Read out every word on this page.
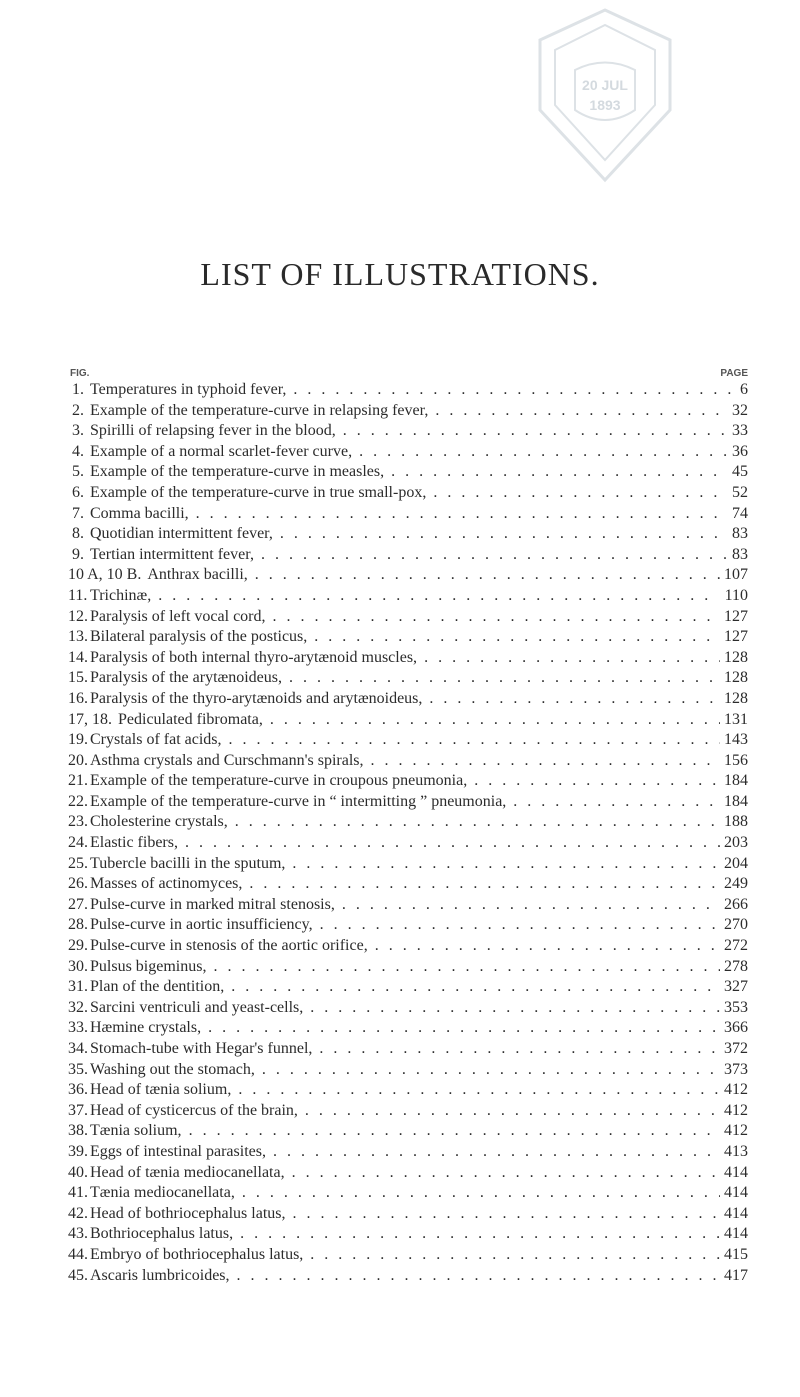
20 JUL
1893
LIST OF ILLUSTRATIONS.
FIG.	PAGE
1. Temperatures in typhoid fever, . .	6
2. Example of the temperature-curve in relapsing fever, . .	32
3. Spirilli of relapsing fever in the blood, . .	33
4. Example of a normal scarlet-fever curve, . .	36
5. Example of the temperature-curve in measles, . .	45
6. Example of the temperature-curve in true small-pox, . .	52
7. Comma bacilli, . .	74
8. Quotidian intermittent fever, . .	83
9. Tertian intermittent fever, . .	83
10 A, 10 B. Anthrax bacilli, . .	107
11. Trichinæ, . .	110
12. Paralysis of left vocal cord, . .	127
13. Bilateral paralysis of the posticus, . .	127
14. Paralysis of both internal thyro-arytænoid muscles, . .	128
15. Paralysis of the arytænoideus, . .	128
16. Paralysis of the thyro-arytænoids and arytænoideus, . .	128
17, 18. Pediculated fibromata, . .	131
19. Crystals of fat acids, . .	143
20. Asthma crystals and Curschmann's spirals, . .	156
21. Example of the temperature-curve in croupous pneumonia, . .	184
22. Example of the temperature-curve in “ intermitting ” pneumonia, . .	184
23. Cholesterine crystals, . .	188
24. Elastic fibers, . .	203
25. Tubercle bacilli in the sputum, . .	204
26. Masses of actinomyces, . .	249
27. Pulse-curve in marked mitral stenosis, . .	266
28. Pulse-curve in aortic insufficiency, . .	270
29. Pulse-curve in stenosis of the aortic orifice, . .	272
30. Pulsus bigeminus, . .	278
31. Plan of the dentition, . .	327
32. Sarcini ventriculi and yeast-cells, . .	353
33. Hæmine crystals, . .	366
34. Stomach-tube with Hegar's funnel, . .	372
35. Washing out the stomach, . .	373
36. Head of tænia solium, . .	412
37. Head of cysticercus of the brain, . .	412
38. Tænia solium, . .	412
39. Eggs of intestinal parasites, . .	413
40. Head of tænia mediocanellata, . .	414
41. Tænia mediocanellata, . .	414
42. Head of bothriocephalus latus, . .	414
43. Bothriocephalus latus, . .	414
44. Embryo of bothriocephalus latus, . .	415
45. Ascaris lumbricoides, . .	417
